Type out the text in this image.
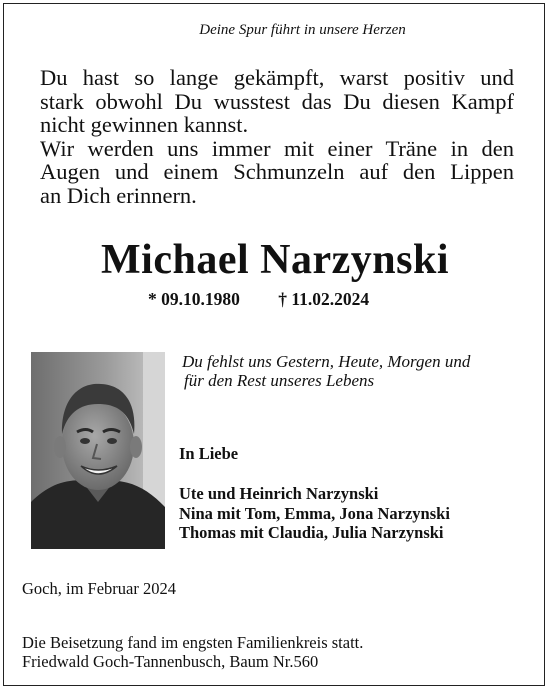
Deine Spur führt in unsere Herzen
Du hast so lange gekämpft, warst positiv und
stark obwohl Du wusstest das Du diesen Kampf
nicht gewinnen kannst.
Wir werden uns immer mit einer Träne in den
Augen und einem Schmunzeln auf den Lippen
an Dich erinnern.
Michael Narzynski
* 09.10.1980 † 11.02.2024
Du fehlst uns Gestern, Heute, Morgen und
für den Rest unseres Lebens
In Liebe
Ute und Heinrich Narzynski
Nina mit Tom, Emma, Jona Narzynski
Thomas mit Claudia, Julia Narzynski
Goch, im Februar 2024
Die Beisetzung fand im engsten Familienkreis statt.
Friedwald Goch-Tannenbusch, Baum Nr.560
